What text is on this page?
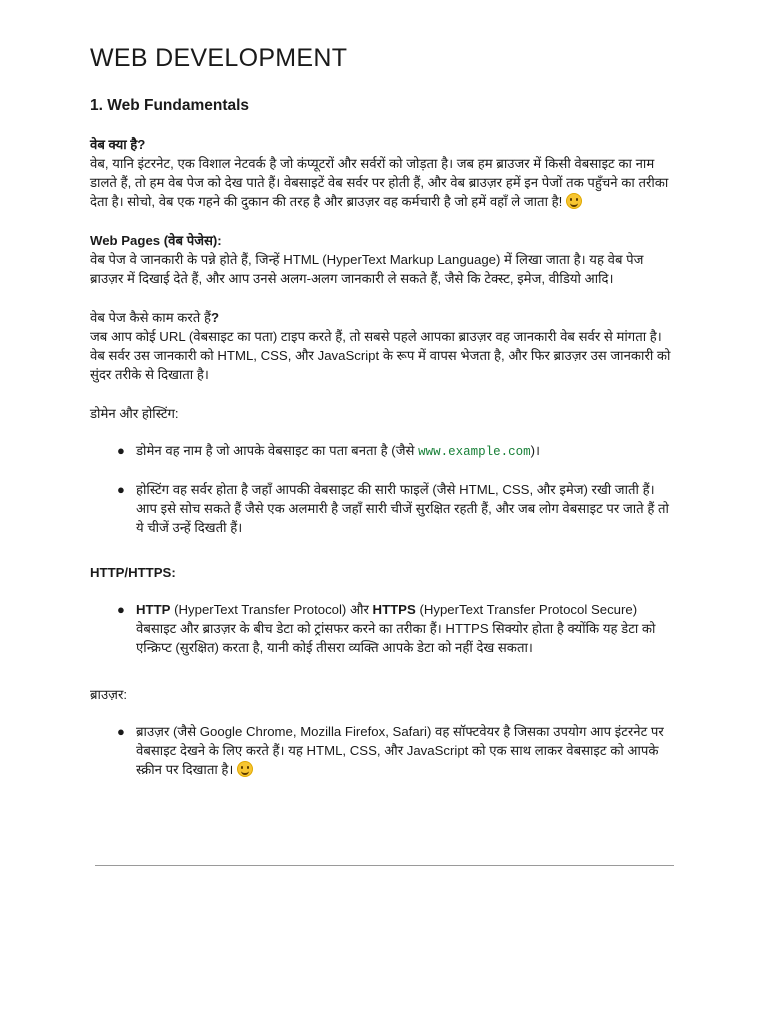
WEB DEVELOPMENT
1. Web Fundamentals

वेब क्या है?
वेब, यानि इंटरनेट, एक विशाल नेटवर्क है जो कंप्यूटरों और सर्वरों को जोड़ता है। जब हम ब्राउजर में किसी वेबसाइट का नाम डालते हैं, तो हम वेब पेज को देख पाते हैं। वेबसाइटें वेब सर्वर पर होती हैं, और वेब ब्राउज़र हमें इन पेजों तक पहुँचने का तरीका देता है। सोचो, वेब एक गहने की दुकान की तरह है और ब्राउज़र वह कर्मचारी है जो हमें वहाँ ले जाता है!

Web Pages (वेब पेजेस):
वेब पेज वे जानकारी के पन्ने होते हैं, जिन्हें HTML (HyperText Markup Language) में लिखा जाता है। यह वेब पेज ब्राउज़र में दिखाई देते हैं, और आप उनसे अलग-अलग जानकारी ले सकते हैं, जैसे कि टेक्स्ट, इमेज, वीडियो आदि।

वेब पेज कैसे काम करते हैं?
जब आप कोई URL (वेबसाइट का पता) टाइप करते हैं, तो सबसे पहले आपका ब्राउज़र वह जानकारी वेब सर्वर से मांगता है। वेब सर्वर उस जानकारी को HTML, CSS, और JavaScript के रूप में वापस भेजता है, और फिर ब्राउज़र उस जानकारी को सुंदर तरीके से दिखाता है।

डोमेन और होस्टिंग:

● डोमेन वह नाम है जो आपके वेबसाइट का पता बनता है (जैसे www.example.com)।
● होस्टिंग वह सर्वर होता है जहाँ आपकी वेबसाइट की सारी फाइलें (जैसे HTML, CSS, और इमेज) रखी जाती हैं। आप इसे सोच सकते हैं जैसे एक अलमारी है जहाँ सारी चीजें सुरक्षित रहती हैं, और जब लोग वेबसाइट पर जाते हैं तो ये चीजें उन्हें दिखती हैं।

HTTP/HTTPS:

● HTTP (HyperText Transfer Protocol) और HTTPS (HyperText Transfer Protocol Secure) वेबसाइट और ब्राउज़र के बीच डेटा को ट्रांसफर करने का तरीका हैं। HTTPS सिक्योर होता है क्योंकि यह डेटा को एन्क्रिप्ट (सुरक्षित) करता है, यानी कोई तीसरा व्यक्ति आपके डेटा को नहीं देख सकता।

ब्राउज़र:

● ब्राउज़र (जैसे Google Chrome, Mozilla Firefox, Safari) वह सॉफ्टवेयर है जिसका उपयोग आप इंटरनेट पर वेबसाइट देखने के लिए करते हैं। यह HTML, CSS, और JavaScript को एक साथ लाकर वेबसाइट को आपके स्क्रीन पर दिखाता है।
